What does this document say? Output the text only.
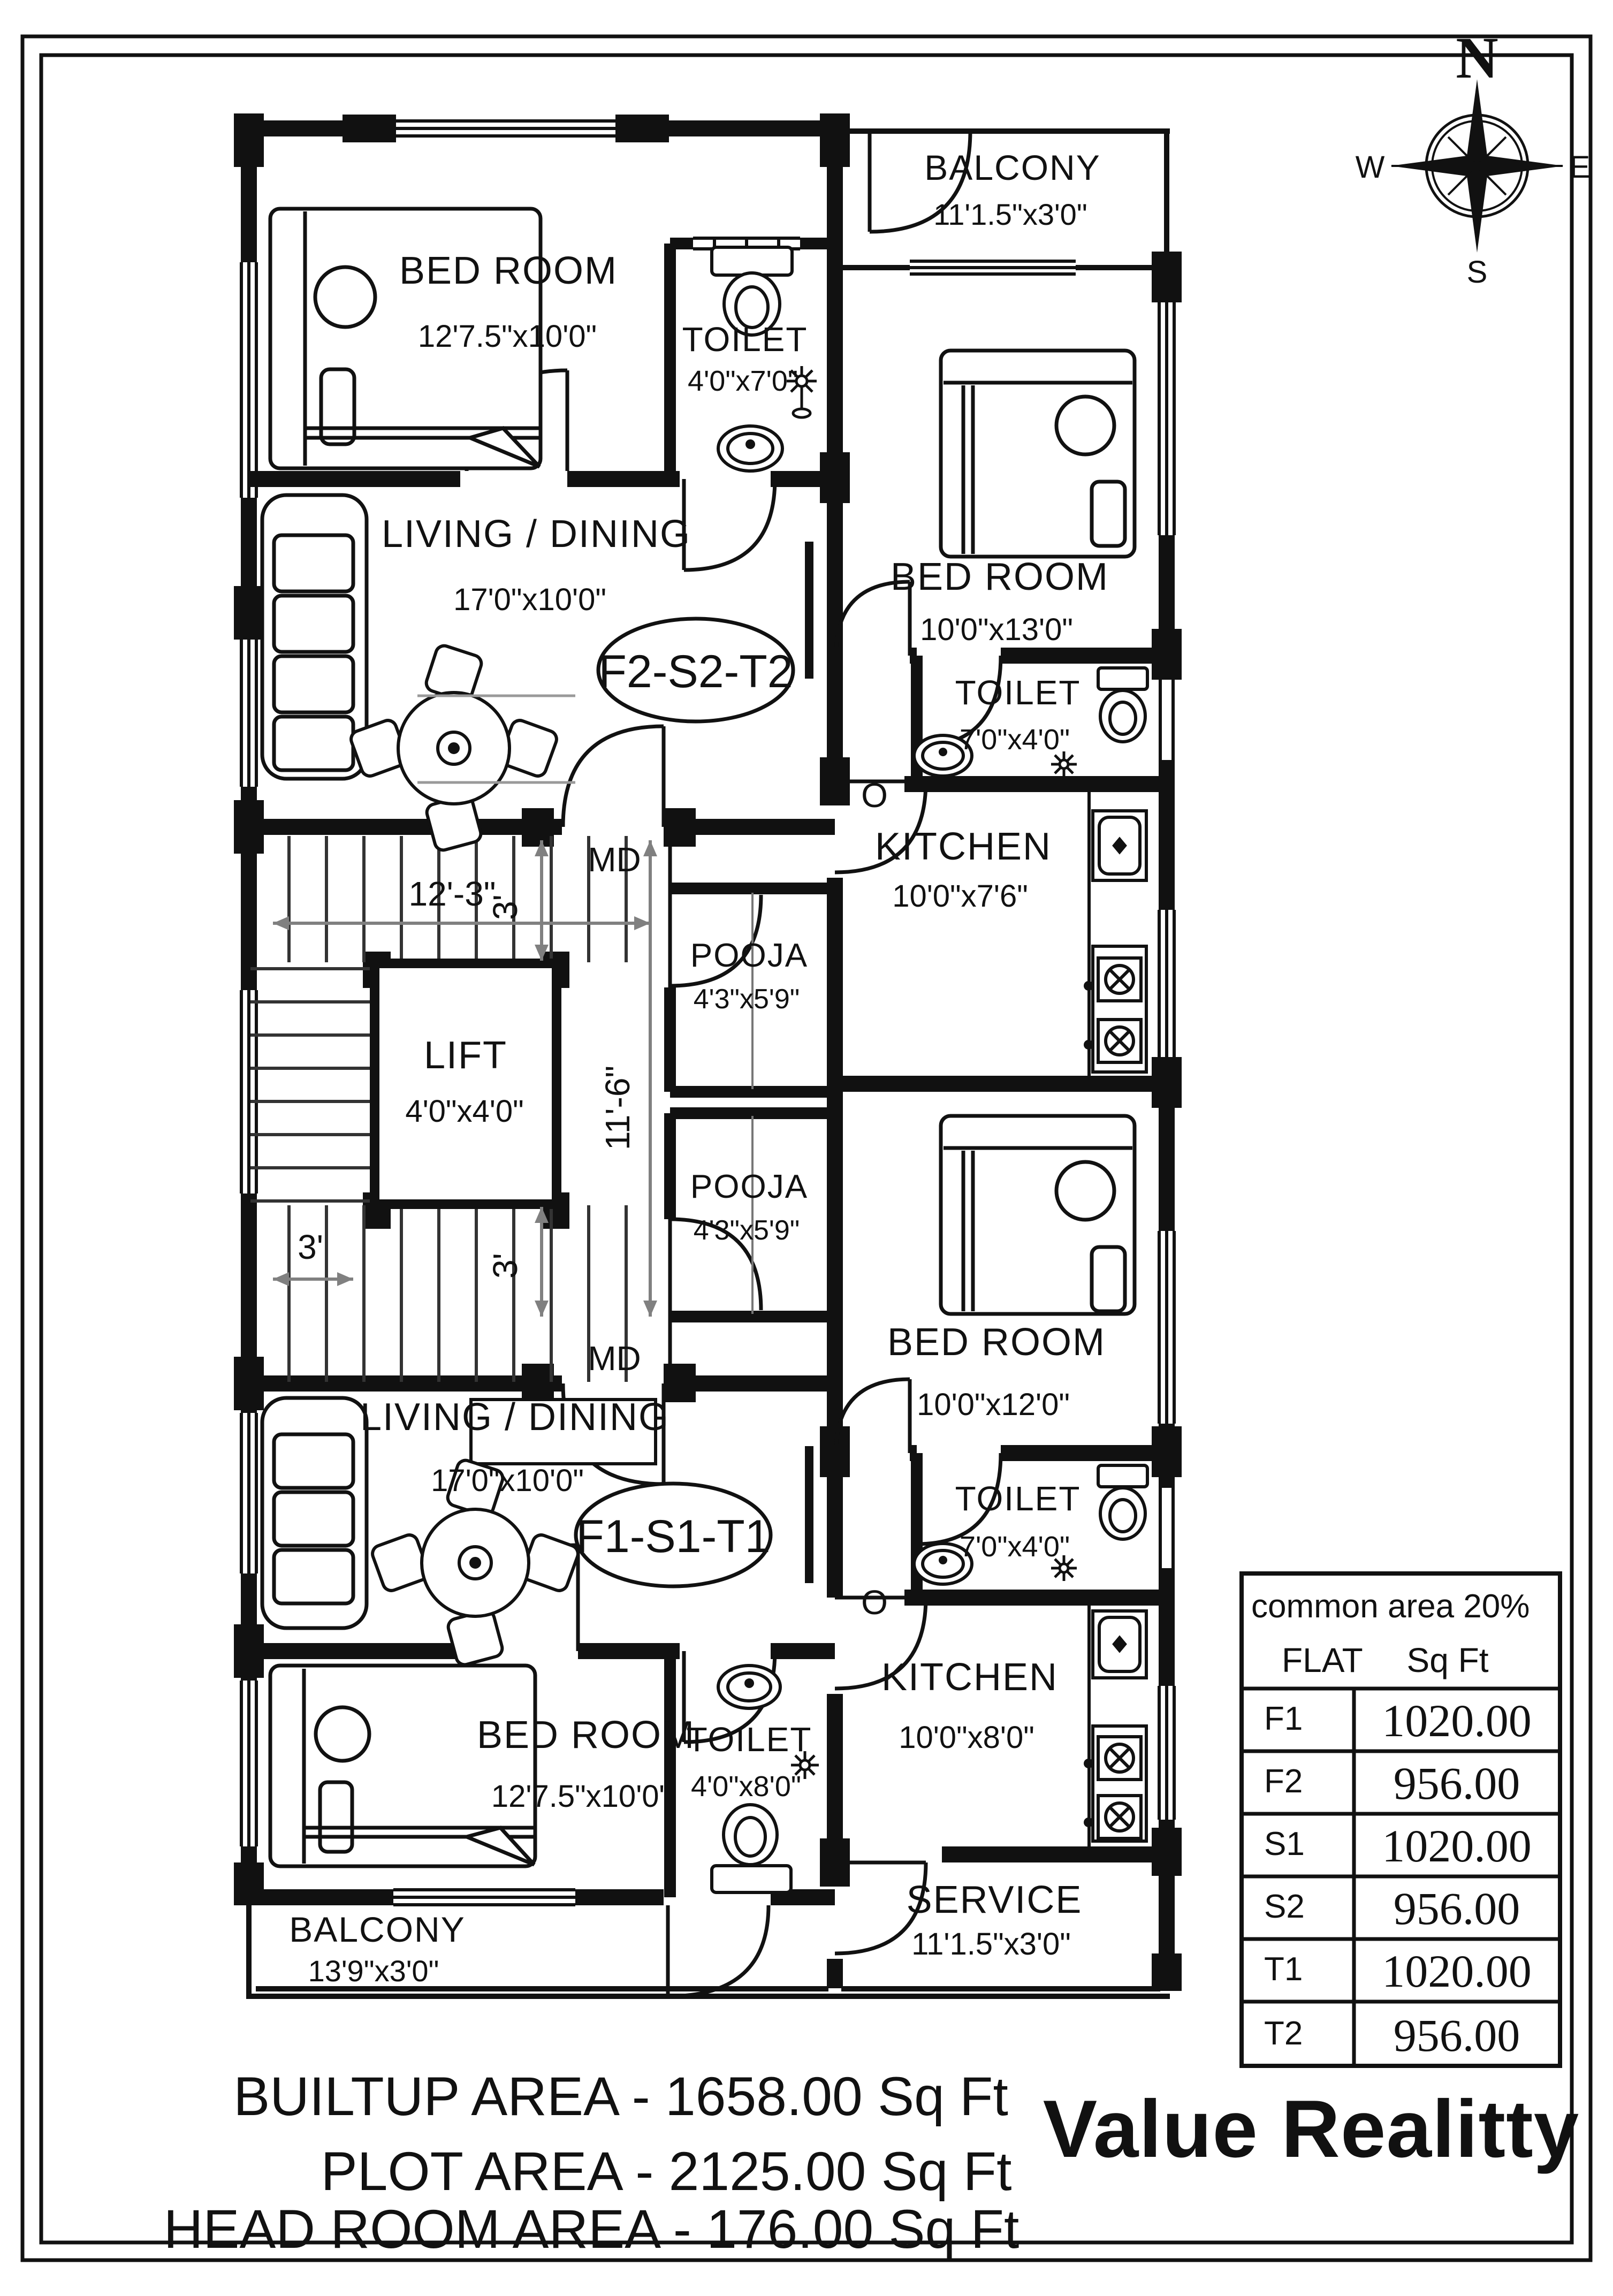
12'-3"
3'
11'-6"
3'	3'
BED ROOM
12'7.5"x10'0" TOILET
4'0"x7'0"
BALCONY
11'1.5"x3'0"
BED ROOM
10'0"x13'0"
LIVING / DINING
17'0"x10'0"
TOILET
7'0"x4'0"
KITCHEN
10'0"x7'6"
POOJA
4'3"x5'9"
LIFT
4'0"x4'0"
POOJA
4'3"x5'9"
LIVING / DINING
17'0"x10'0"
BED ROOM
10'0"x12'0"
TOILET
7'0"x4'0"
BED ROOM
12'7.5"x10'0"
TOILET
4'0"x8'0"
KITCHEN
10'0"x8'0"
BALCONY
13'9"x3'0"
SERVICE
11'1.5"x3'0"
F2-S2-T2
F1-S1-T1
MD
MD
O
O
N
S
W	E
common area 20%
FLAT Sq Ft
F1
F2
S1
S2
T1
T2
1020.00
956.00
1020.00
956.00
1020.00
956.00
BUILTUP AREA - 1658.00 Sq Ft
PLOT AREA - 2125.00 Sq Ft
HEAD ROOM AREA - 176.00 Sq Ft
Value Realitty
